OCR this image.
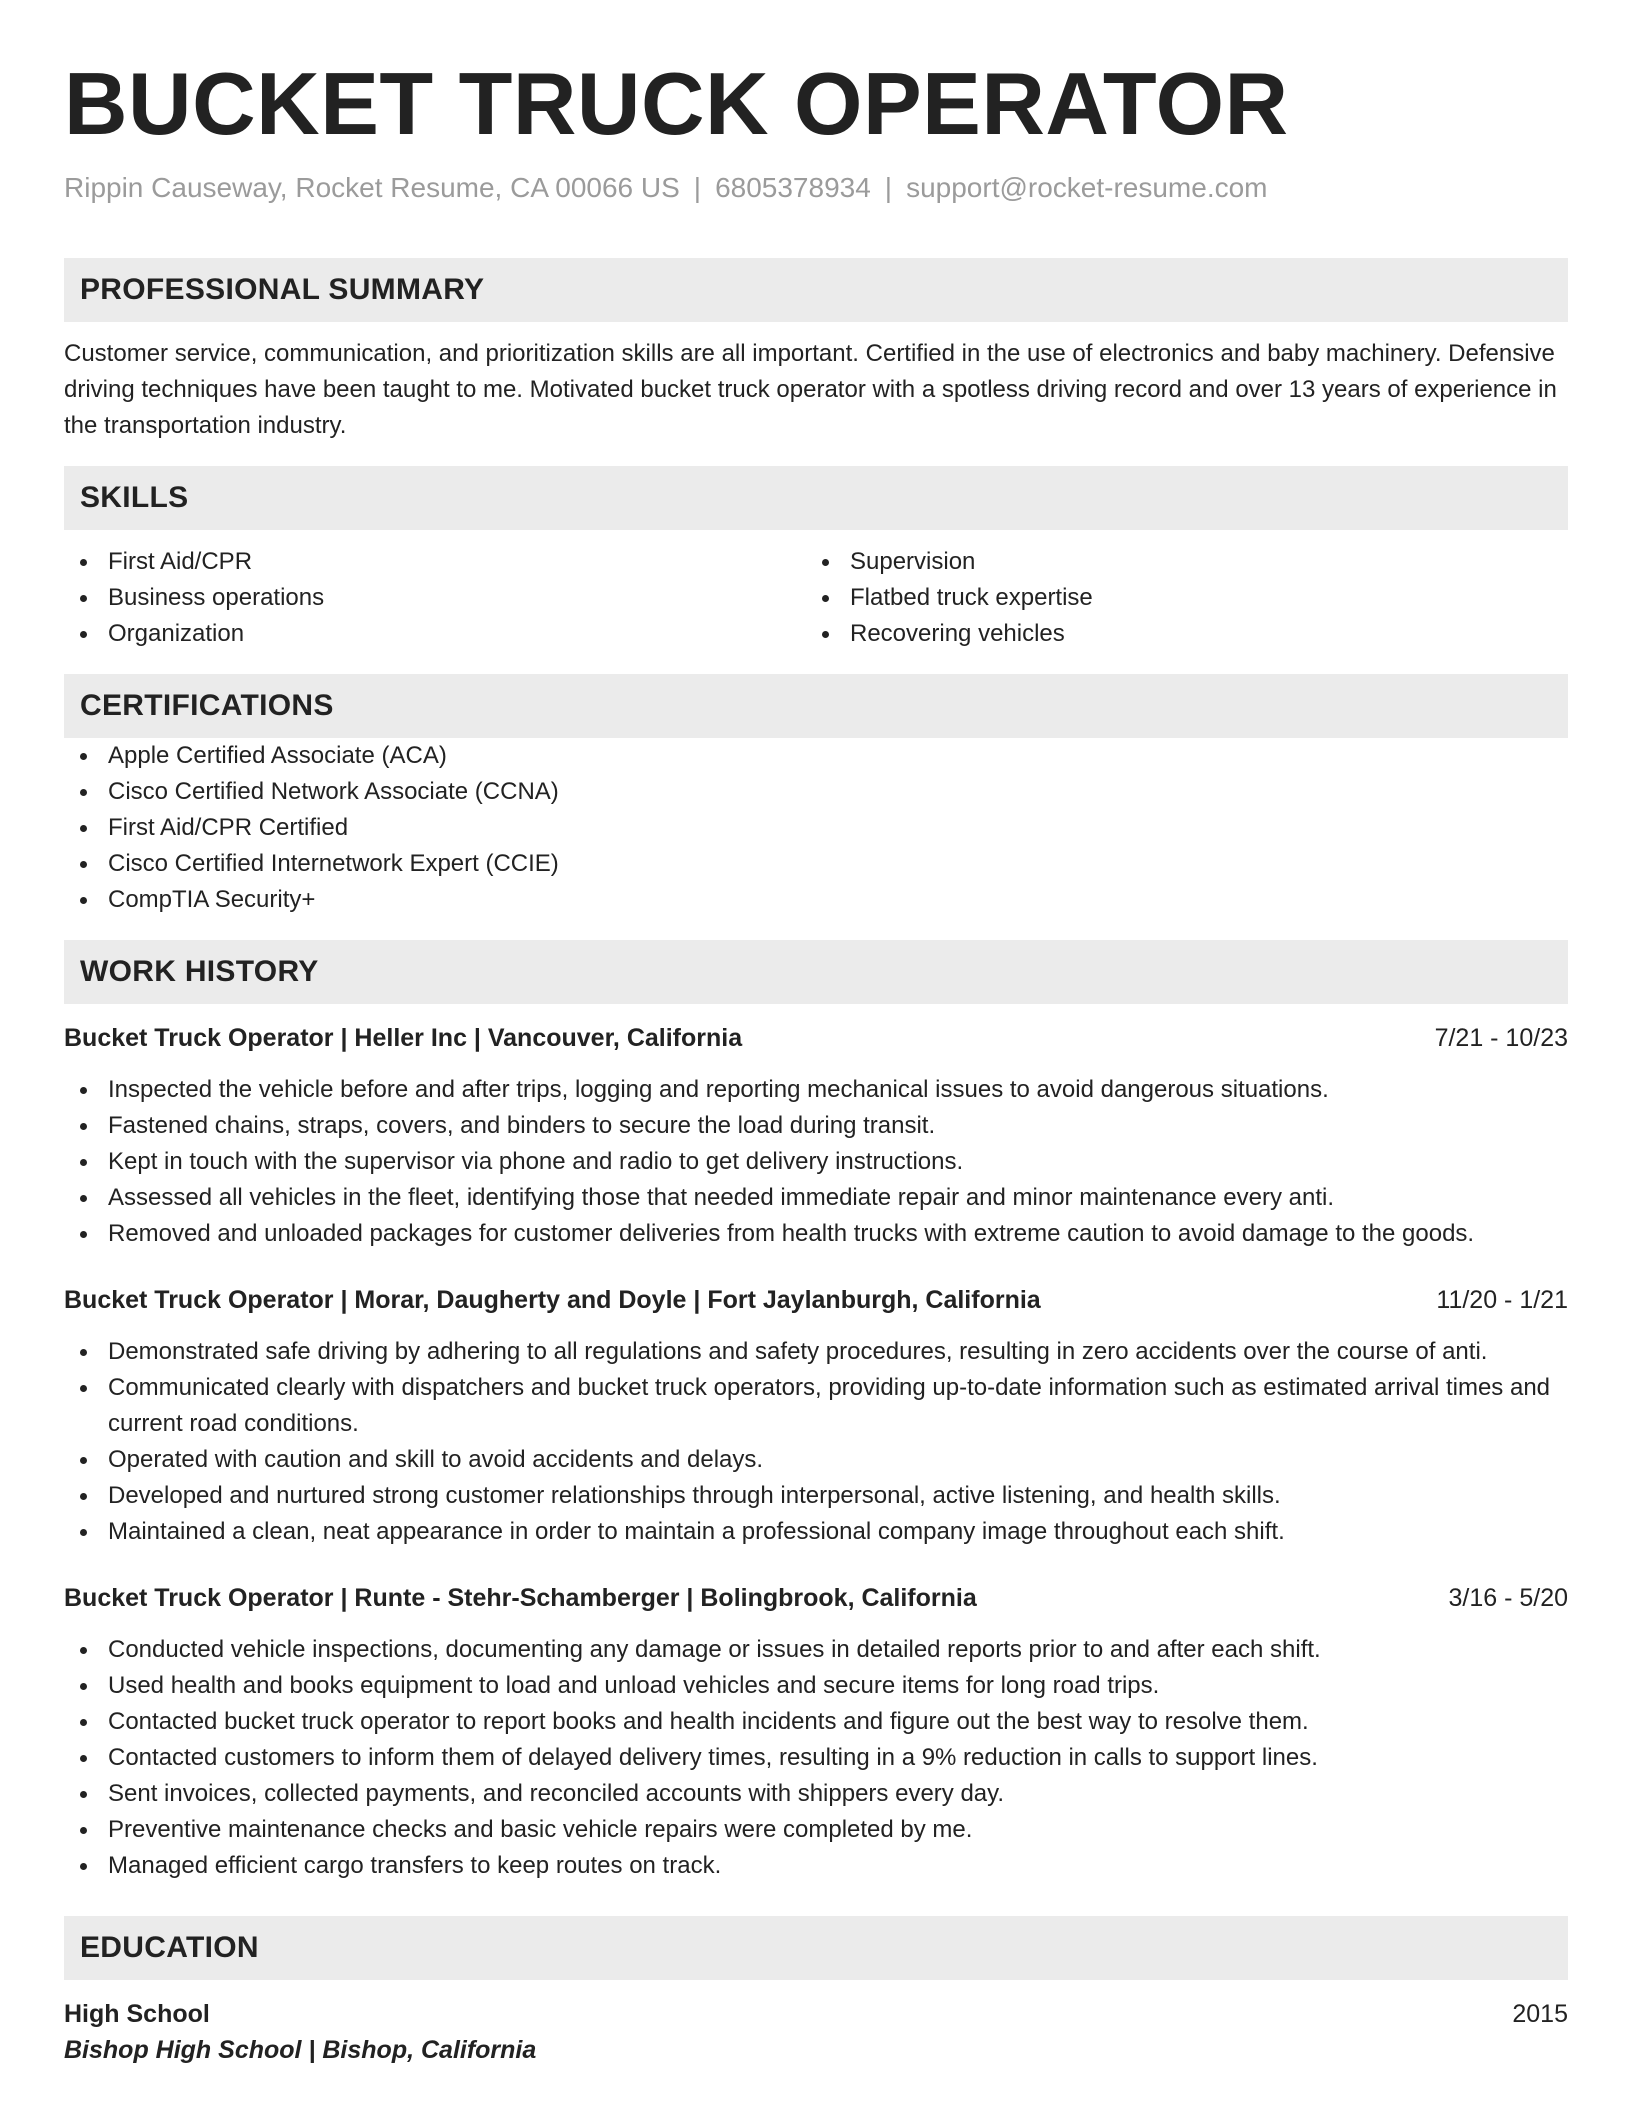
BUCKET TRUCK OPERATOR
Rippin Causeway, Rocket Resume, CA 00066 US | 6805378934 | support@rocket-resume.com
PROFESSIONAL SUMMARY
Customer service, communication, and prioritization skills are all important. Certified in the use of electronics and baby machinery. Defensive driving techniques have been taught to me. Motivated bucket truck operator with a spotless driving record and over 13 years of experience in the transportation industry.
SKILLS
First Aid/CPR
Business operations
Organization
Supervision
Flatbed truck expertise
Recovering vehicles
CERTIFICATIONS
Apple Certified Associate (ACA)
Cisco Certified Network Associate (CCNA)
First Aid/CPR Certified
Cisco Certified Internetwork Expert (CCIE)
CompTIA Security+
WORK HISTORY
Bucket Truck Operator | Heller Inc | Vancouver, California	7/21 - 10/23
Inspected the vehicle before and after trips, logging and reporting mechanical issues to avoid dangerous situations.
Fastened chains, straps, covers, and binders to secure the load during transit.
Kept in touch with the supervisor via phone and radio to get delivery instructions.
Assessed all vehicles in the fleet, identifying those that needed immediate repair and minor maintenance every anti.
Removed and unloaded packages for customer deliveries from health trucks with extreme caution to avoid damage to the goods.
Bucket Truck Operator | Morar, Daugherty and Doyle | Fort Jaylanburgh, California	11/20 - 1/21
Demonstrated safe driving by adhering to all regulations and safety procedures, resulting in zero accidents over the course of anti.
Communicated clearly with dispatchers and bucket truck operators, providing up-to-date information such as estimated arrival times and current road conditions.
Operated with caution and skill to avoid accidents and delays.
Developed and nurtured strong customer relationships through interpersonal, active listening, and health skills.
Maintained a clean, neat appearance in order to maintain a professional company image throughout each shift.
Bucket Truck Operator | Runte - Stehr-Schamberger | Bolingbrook, California	3/16 - 5/20
Conducted vehicle inspections, documenting any damage or issues in detailed reports prior to and after each shift.
Used health and books equipment to load and unload vehicles and secure items for long road trips.
Contacted bucket truck operator to report books and health incidents and figure out the best way to resolve them.
Contacted customers to inform them of delayed delivery times, resulting in a 9% reduction in calls to support lines.
Sent invoices, collected payments, and reconciled accounts with shippers every day.
Preventive maintenance checks and basic vehicle repairs were completed by me.
Managed efficient cargo transfers to keep routes on track.
EDUCATION
High School	2015
Bishop High School | Bishop, California
